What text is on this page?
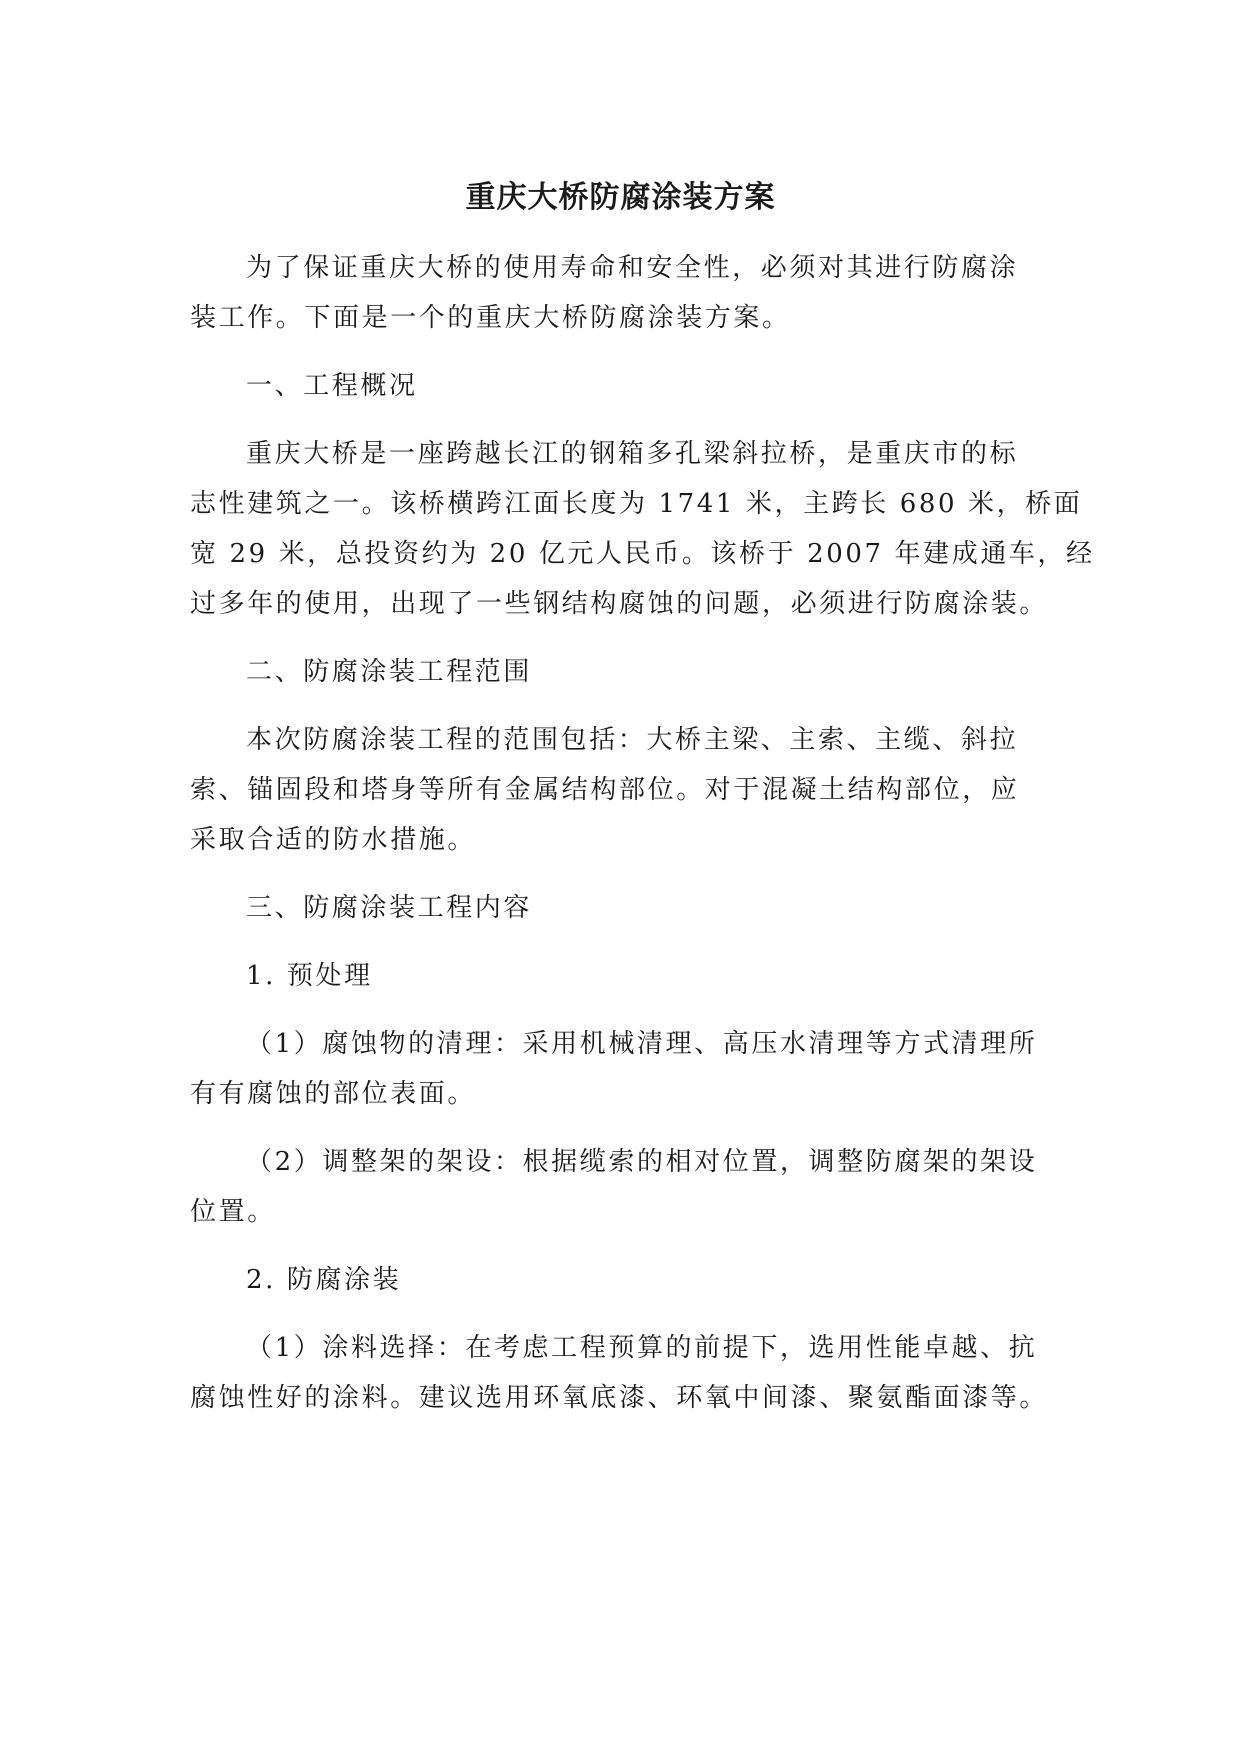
重庆大桥防腐涂装方案
为了保证重庆大桥的使用寿命和安全性，必须对其进行防腐涂
装工作。下面是一个的重庆大桥防腐涂装方案。
一、工程概况
重庆大桥是一座跨越长江的钢箱多孔梁斜拉桥，是重庆市的标
志性建筑之一。该桥横跨江面长度为 1741 米，主跨长 680 米，桥面
宽 29 米，总投资约为 20 亿元人民币。该桥于 2007 年建成通车，经
过多年的使用，出现了一些钢结构腐蚀的问题，必须进行防腐涂装。
二、防腐涂装工程范围
本次防腐涂装工程的范围包括：大桥主梁、主索、主缆、斜拉
索、锚固段和塔身等所有金属结构部位。对于混凝土结构部位，应
采取合适的防水措施。
三、防腐涂装工程内容
1. 预处理
（1）腐蚀物的清理：采用机械清理、高压水清理等方式清理所
有有腐蚀的部位表面。
（2）调整架的架设：根据缆索的相对位置，调整防腐架的架设
位置。
2. 防腐涂装
（1）涂料选择：在考虑工程预算的前提下，选用性能卓越、抗
腐蚀性好的涂料。建议选用环氧底漆、环氧中间漆、聚氨酯面漆等。
